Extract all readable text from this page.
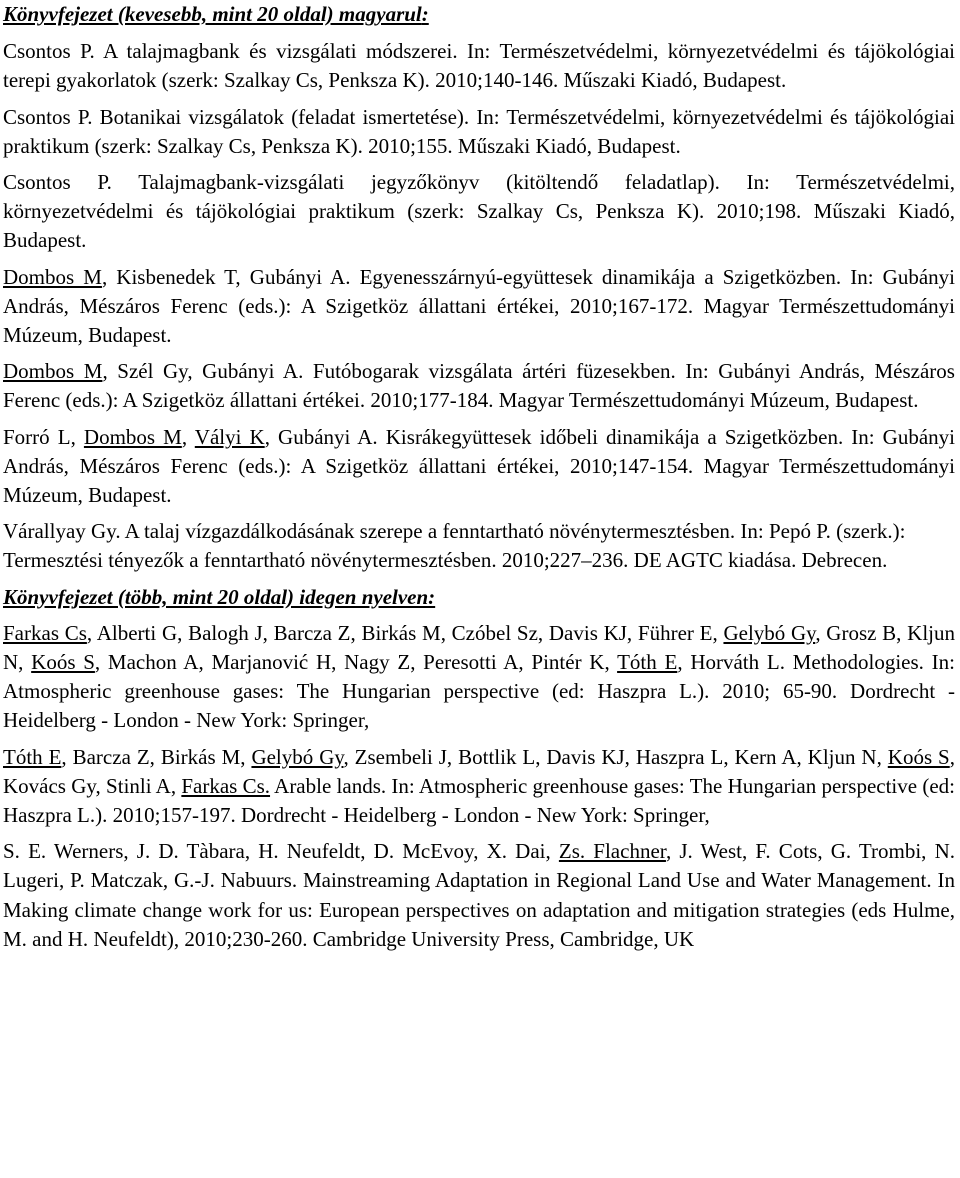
Könyvfejezet (kevesebb, mint 20 oldal) magyarul:

Csontos P. A talajmagbank és vizsgálati módszerei. In: Természetvédelmi, környezetvédelmi és tájökológiai terepi gyakorlatok (szerk: Szalkay Cs, Penksza K). 2010;140-146. Műszaki Kiadó, Budapest.

Csontos P. Botanikai vizsgálatok (feladat ismertetése). In: Természetvédelmi, környezetvédelmi és tájökológiai praktikum (szerk: Szalkay Cs, Penksza K). 2010;155. Műszaki Kiadó, Budapest.

Csontos P. Talajmagbank-vizsgálati jegyzőkönyv (kitöltendő feladatlap). In: Természetvédelmi, környezetvédelmi és tájökológiai praktikum (szerk: Szalkay Cs, Penksza K). 2010;198. Műszaki Kiadó, Budapest.

Dombos M, Kisbenedek T, Gubányi A. Egyenesszárnyú-együttesek dinamikája a Szigetközben. In: Gubányi András, Mészáros Ferenc (eds.): A Szigetköz állattani értékei, 2010;167-172. Magyar Természettudományi Múzeum, Budapest.

Dombos M, Szél Gy, Gubányi A. Futóbogarak vizsgálata ártéri füzesekben. In: Gubányi András, Mészáros Ferenc (eds.): A Szigetköz állattani értékei. 2010;177-184. Magyar Természettudományi Múzeum, Budapest.

Forró L, Dombos M, Vályi K, Gubányi A. Kisrákegyüttesek időbeli dinamikája a Szigetközben. In: Gubányi András, Mészáros Ferenc (eds.): A Szigetköz állattani értékei, 2010;147-154. Magyar Természettudományi Múzeum, Budapest.

Várallyay Gy. A talaj vízgazdálkodásának szerepe a fenntartható növénytermesztésben. In: Pepó P. (szerk.): Termesztési tényezők a fenntartható növénytermesztésben. 2010;227–236. DE AGTC kiadása. Debrecen.

Könyvfejezet (több, mint 20 oldal) idegen nyelven:

Farkas Cs, Alberti G, Balogh J, Barcza Z, Birkás M, Czóbel Sz, Davis KJ, Führer E, Gelybó Gy, Grosz B, Kljun N, Koós S, Machon A, Marjanović H, Nagy Z, Peresotti A, Pintér K, Tóth E, Horváth L. Methodologies. In: Atmospheric greenhouse gases: The Hungarian perspective (ed: Haszpra L.). 2010; 65-90. Dordrecht - Heidelberg - London - New York: Springer,

Tóth E, Barcza Z, Birkás M, Gelybó Gy, Zsembeli J, Bottlik L, Davis KJ, Haszpra L, Kern A, Kljun N, Koós S, Kovács Gy, Stinli A, Farkas Cs. Arable lands. In: Atmospheric greenhouse gases: The Hungarian perspective (ed: Haszpra L.). 2010;157-197. Dordrecht - Heidelberg - London - New York: Springer,

S. E. Werners, J. D. Tàbara, H. Neufeldt, D. McEvoy, X. Dai, Zs. Flachner, J. West, F. Cots, G. Trombi, N. Lugeri, P. Matczak, G.-J. Nabuurs. Mainstreaming Adaptation in Regional Land Use and Water Management. In Making climate change work for us: European perspectives on adaptation and mitigation strategies (eds Hulme, M. and H. Neufeldt), 2010;230-260. Cambridge University Press, Cambridge, UK
